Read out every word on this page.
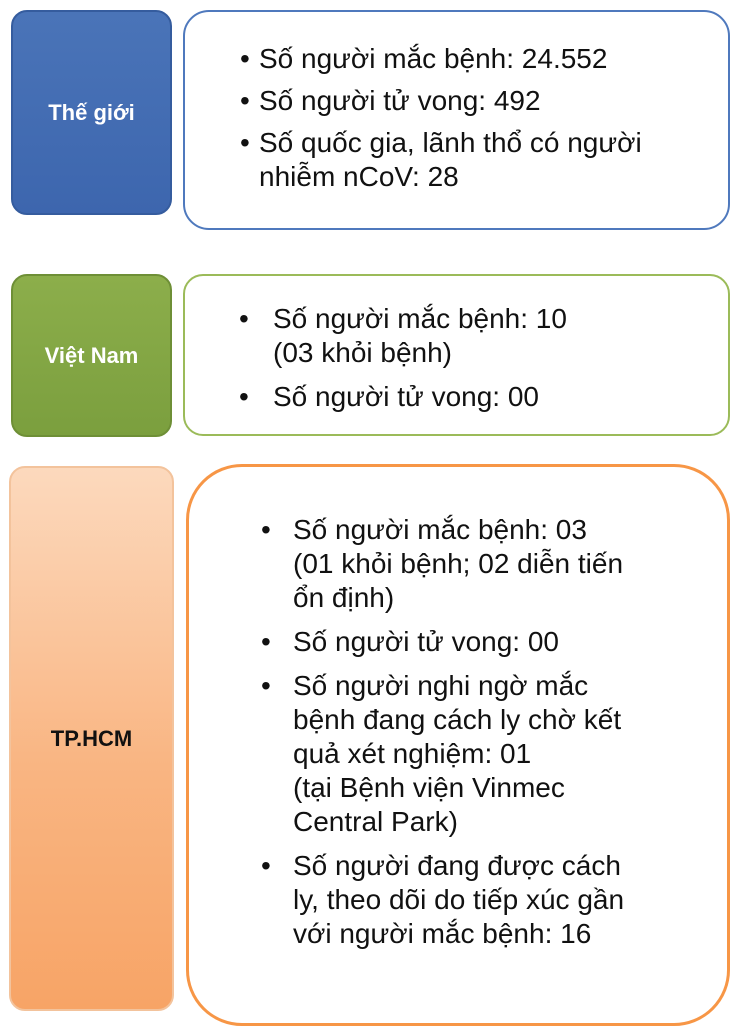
Thế giới
• Số người mắc bệnh: 24.552
• Số người tử vong: 492
• Số quốc gia, lãnh thổ có người
nhiễm nCoV: 28
Việt Nam
• Số người mắc bệnh: 10
(03 khỏi bệnh)
• Số người tử vong: 00
TP.HCM
• Số người mắc bệnh: 03
(01 khỏi bệnh; 02 diễn tiến
ổn định)
• Số người tử vong: 00
• Số người nghi ngờ mắc
bệnh đang cách ly chờ kết
quả xét nghiệm: 01
(tại Bệnh viện Vinmec
Central Park)
• Số người đang được cách
ly, theo dõi do tiếp xúc gần
với người mắc bệnh: 16
